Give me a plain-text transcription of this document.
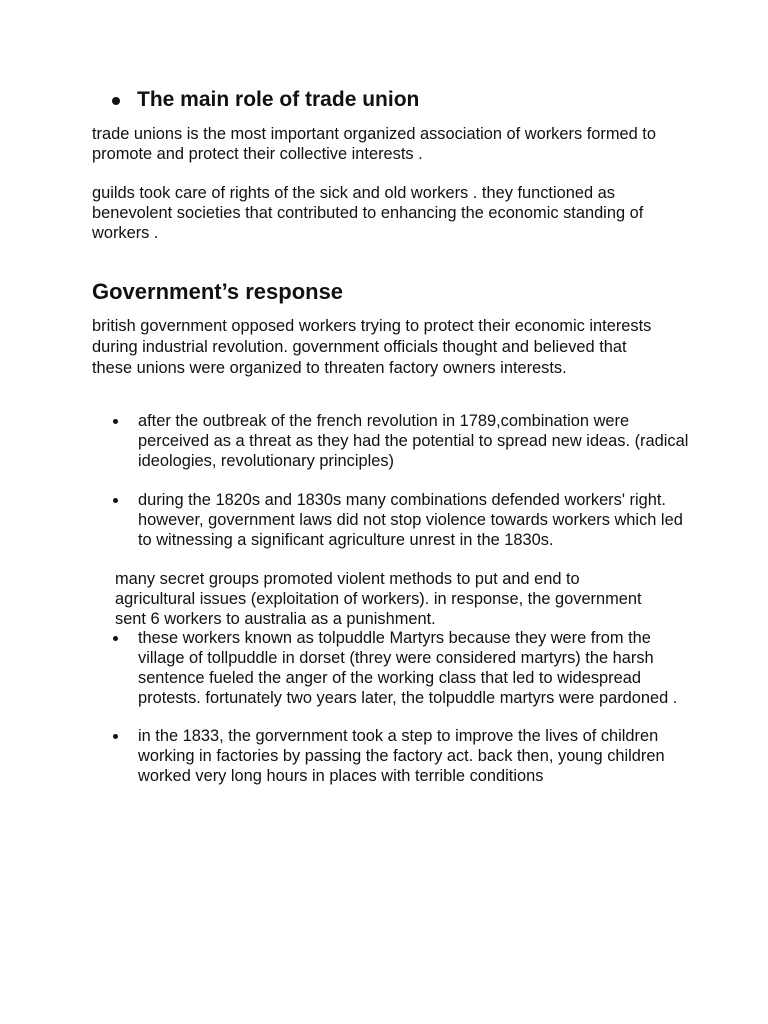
The main role of trade union
trade unions is the most important organized association of workers formed to promote and protect their collective interests .
guilds took care of rights of the sick and old workers . they functioned as benevolent societies that contributed to enhancing the economic standing of workers .
Government’s response
british government opposed workers trying to protect their economic interests during industrial revolution. government officials thought and believed that these unions were organized to threaten factory owners interests.
after the outbreak of the french revolution in 1789,combination were perceived as a threat as they had the potential to spread new ideas. (radical ideologies, revolutionary principles)
during the 1820s and 1830s many combinations defended workers' right. however, government laws did not stop violence towards workers which led to witnessing a significant agriculture unrest in the 1830s.
many secret groups promoted violent methods to put and end to agricultural issues (exploitation of workers). in response, the government sent 6 workers to australia as a punishment.
these workers known as tolpuddle Martyrs because they were from the village of tollpuddle in dorset (threy were considered martyrs) the harsh sentence fueled the anger of the working class that led to widespread protests. fortunately two years later, the tolpuddle martyrs were pardoned .
in the 1833, the gorvernment took a step to improve the lives of children working in factories by passing the factory act. back then, young children worked very long hours in places with terrible conditions
